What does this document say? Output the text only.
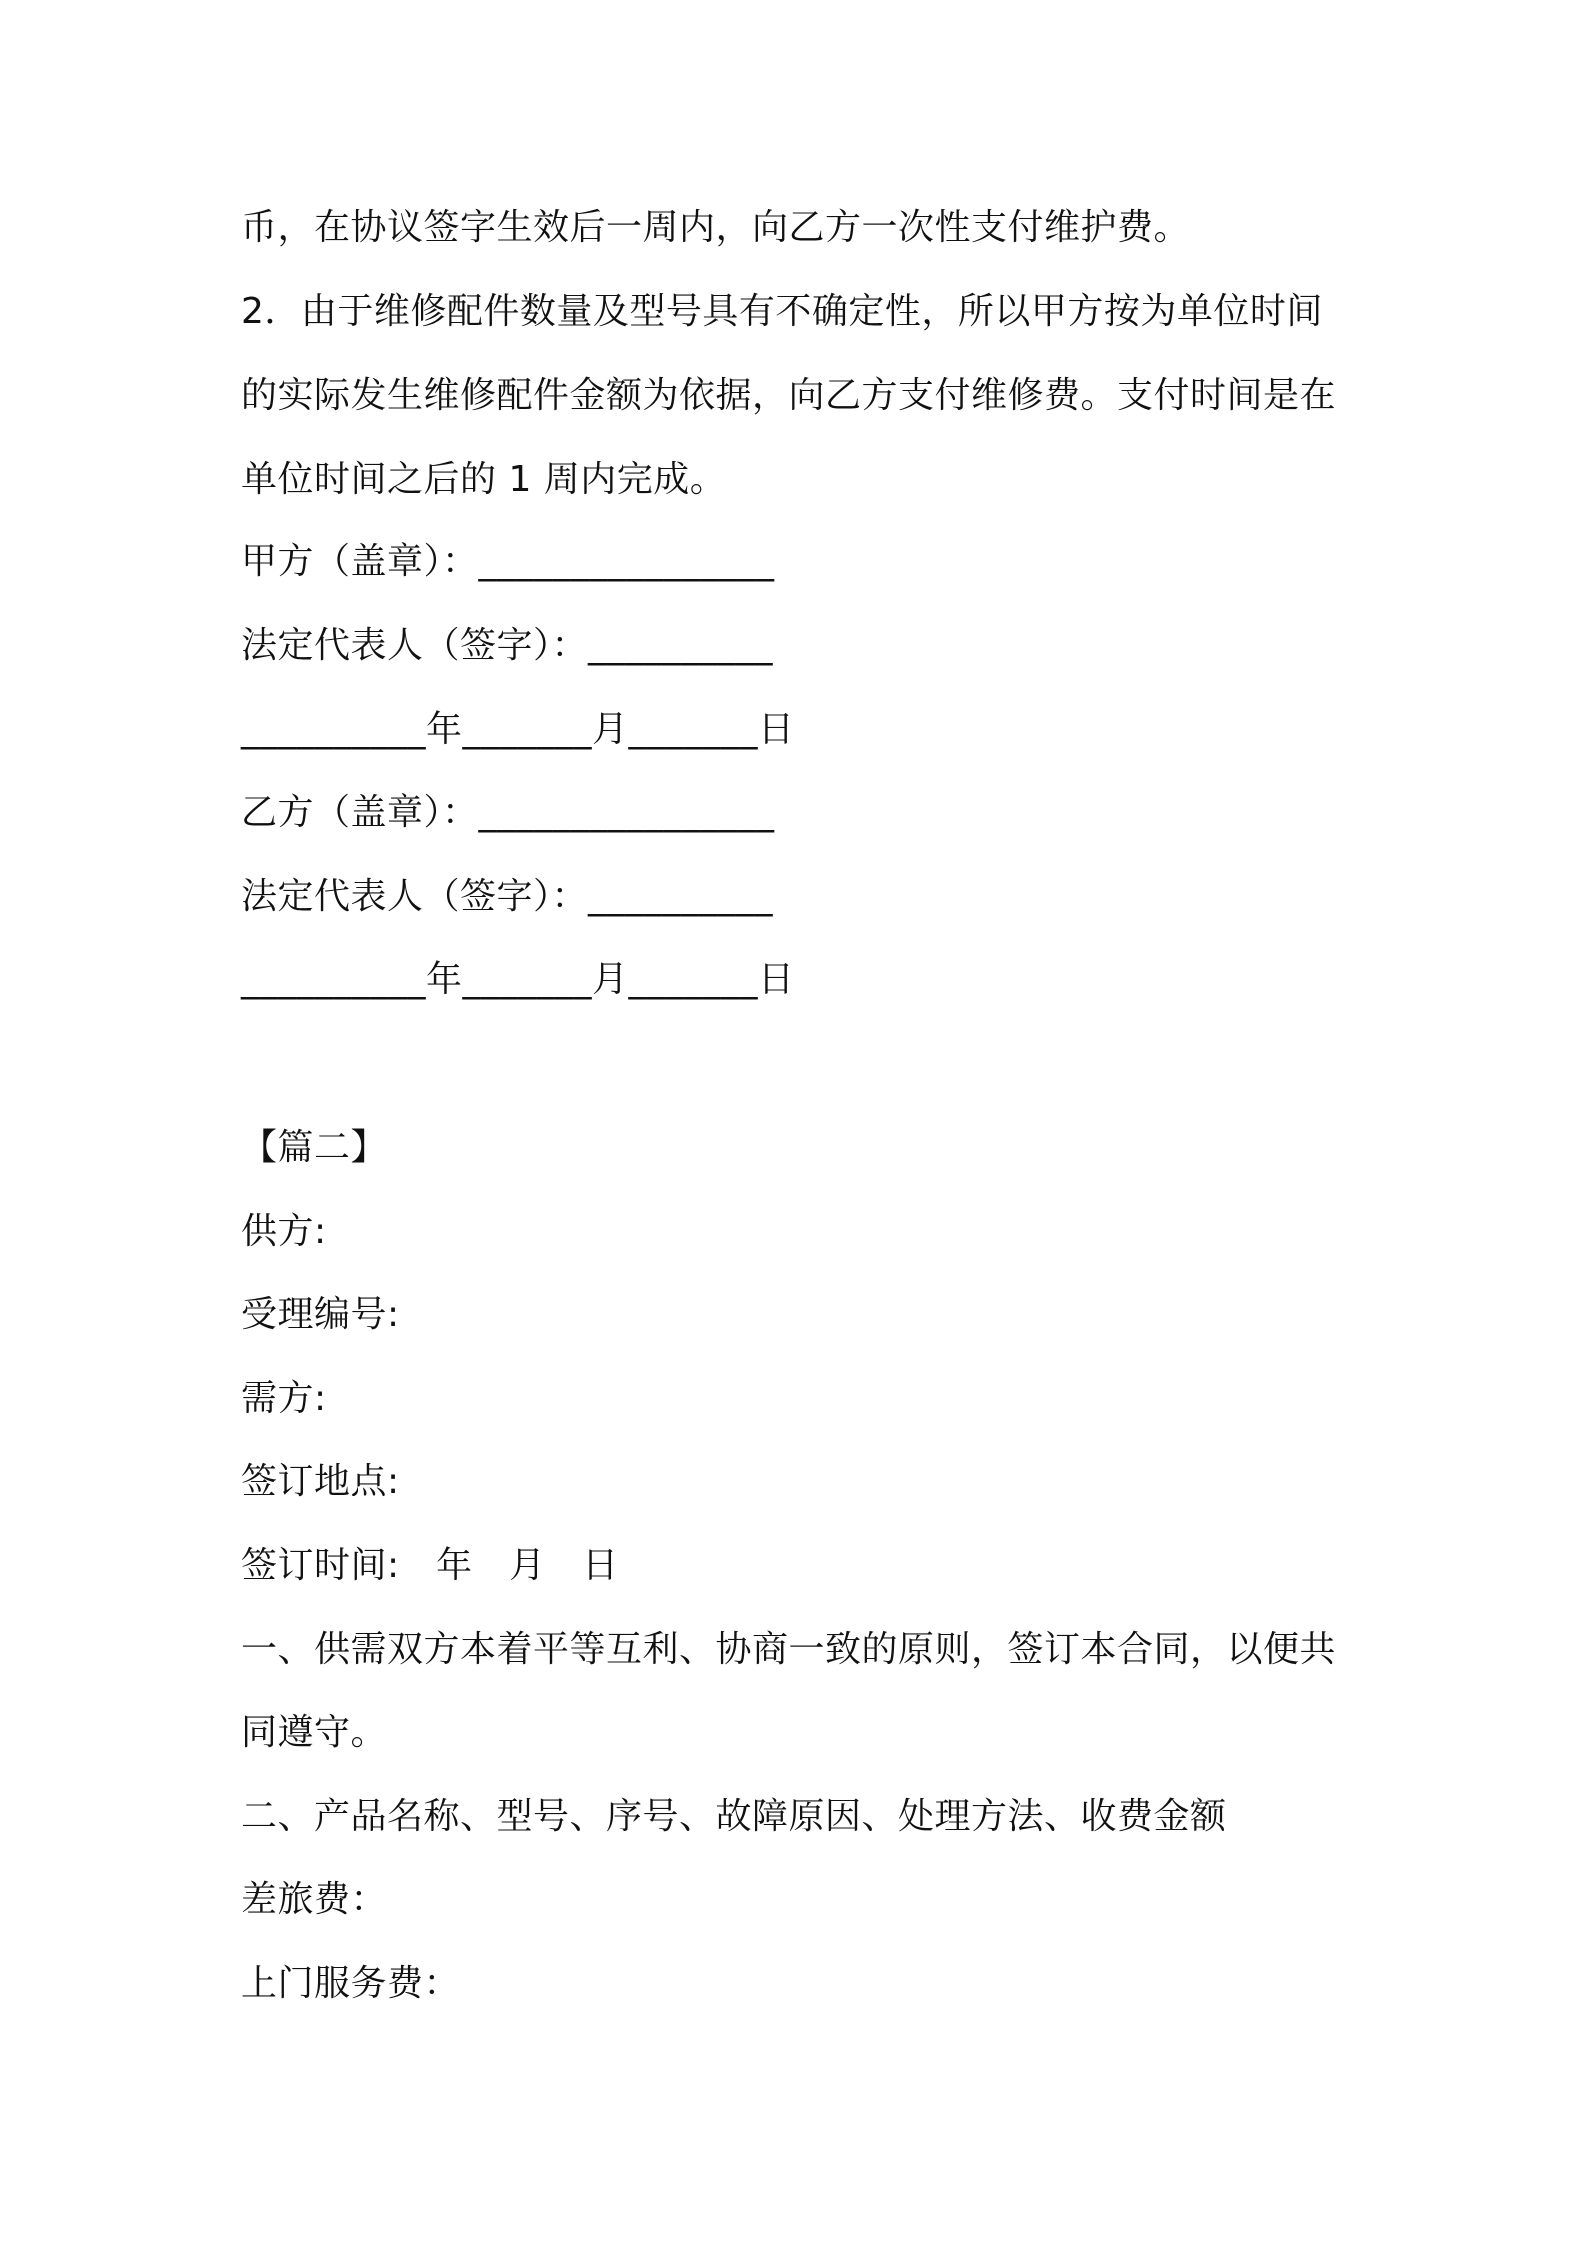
币，在协议签字生效后一周内，向乙方一次性支付维护费。
2．由于维修配件数量及型号具有不确定性，所以甲方按为单位时间
的实际发生维修配件金额为依据，向乙方支付维修费。支付时间是在
单位时间之后的 1 周内完成。
甲方（盖章）：________________
法定代表人（签字）：__________
__________年_______月_______日
乙方（盖章）：________________
法定代表人（签字）：__________
__________年_______月_______日
【篇二】
供方:
受理编号:
需方:
签订地点:
签订时间:　年　月　日
一、供需双方本着平等互利、协商一致的原则，签订本合同，以便共
同遵守。
二、产品名称、型号、序号、故障原因、处理方法、收费金额
差旅费：
上门服务费：
